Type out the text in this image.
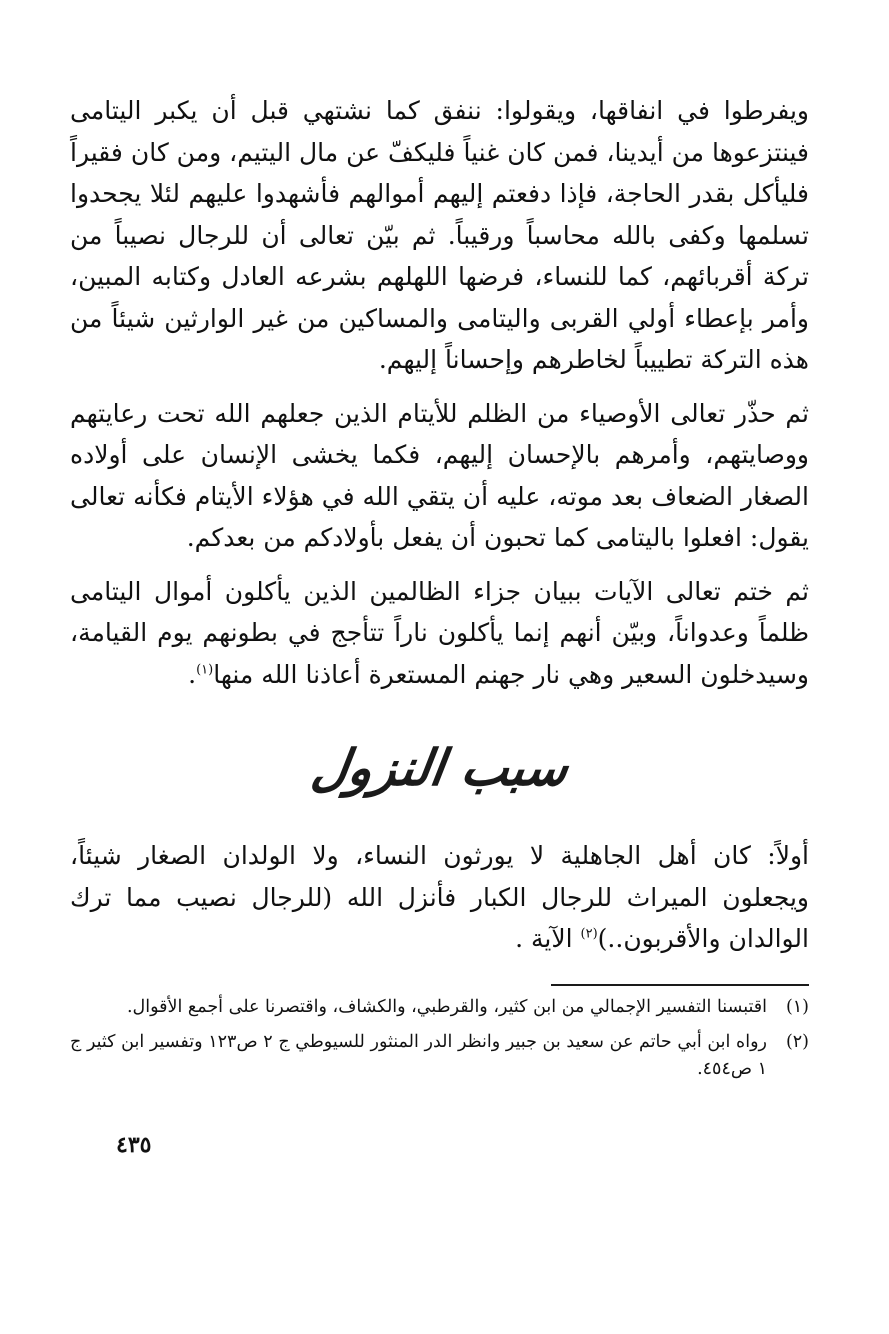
ويفرطوا في انفاقها، ويقولوا: ننفق كما نشتهي قبل أن يكبر اليتامى فينتزعوها من أيدينا، فمن كان غنياً فليكفّ عن مال اليتيم، ومن كان فقيراً فليأكل بقدر الحاجة، فإذا دفعتم إليهم أموالهم فأشهدوا عليهم لئلا يجحدوا تسلمها وكفى بالله محاسباً ورقيباً. ثم بيّن تعالى أن للرجال نصيباً من تركة أقربائهم، كما للنساء، فرضها اللهلهم بشرعه العادل وكتابه المبين، وأمر بإعطاء أولي القربى واليتامى والمساكين من غير الوارثين شيئاً من هذه التركة تطييباً لخاطرهم وإحساناً إليهم.

ثم حذّر تعالى الأوصياء من الظلم للأيتام الذين جعلهم الله تحت رعايتهم ووصايتهم، وأمرهم بالإحسان إليهم، فكما يخشى الإنسان على أولاده الصغار الضعاف بعد موته، عليه أن يتقي الله في هؤلاء الأيتام فكأنه تعالى يقول: افعلوا باليتامى كما تحبون أن يفعل بأولادكم من بعدكم.

ثم ختم تعالى الآيات ببيان جزاء الظالمين الذين يأكلون أموال اليتامى ظلماً وعدواناً، وبيّن أنهم إنما يأكلون ناراً تتأجج في بطونهم يوم القيامة، وسيدخلون السعير وهي نار جهنم المستعرة أعاذنا الله منها$^{(١)}$.

سبب النزول

أولاً: كان أهل الجاهلية لا يورثون النساء، ولا الولدان الصغار شيئاً، ويجعلون الميراث للرجال الكبار فأنزل الله (للرجال نصيب مما ترك الوالدان والأقربون..)$^{(٢)}$ الآية .

(١)
اقتبسنا التفسير الإجمالي من ابن كثير، والقرطبي، والكشاف، واقتصرنا على أجمع الأقوال.
(٢)
رواه ابن أبي حاتم عن سعيد بن جبير وانظر الدر المنثور للسيوطي ج ٢ ص١٢٣ وتفسير ابن كثير ج ١ ص٤٥٤.
٤٣٥
